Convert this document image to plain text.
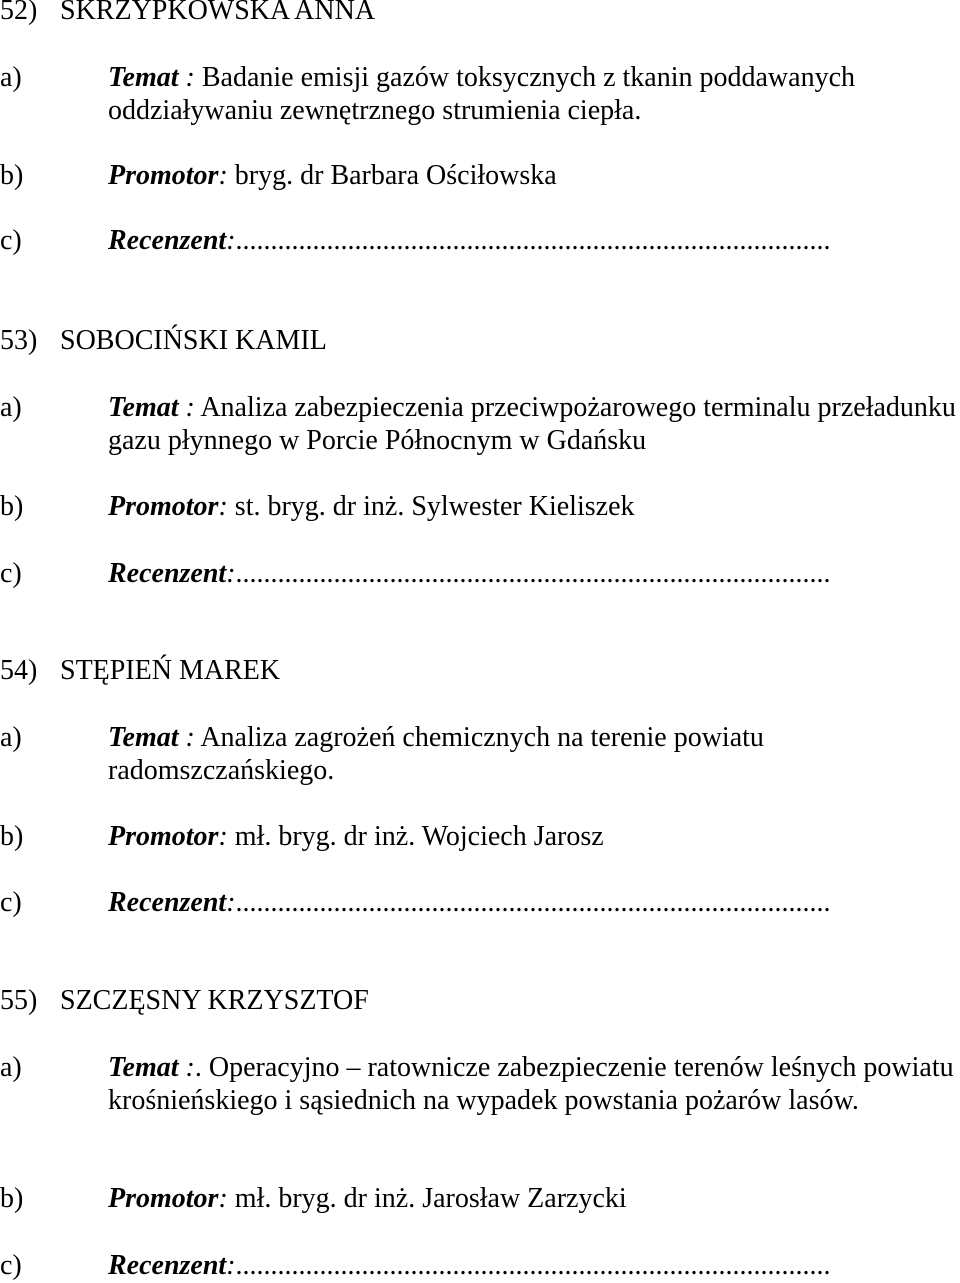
52) SKRZYPKOWSKA ANNA
a)	Temat : Badanie emisji gazów toksycznych z tkanin poddawanych oddziaływaniu zewnętrznego strumienia ciepła.
b)	Promotor: bryg. dr Barbara Ościłowska
c)	Recenzent:.....................................................................................
53) SOBOCIŃSKI KAMIL
a)	Temat : Analiza zabezpieczenia przeciwpożarowego terminalu przeładunku gazu płynnego w Porcie Północnym w Gdańsku
b)	Promotor: st. bryg. dr inż. Sylwester Kieliszek
c)	Recenzent:.....................................................................................
54) STĘPIEŃ MAREK
a)	Temat : Analiza zagrożeń chemicznych na terenie powiatu radomszczańskiego.
b)	Promotor: mł. bryg. dr inż. Wojciech Jarosz
c)	Recenzent:.....................................................................................
55) SZCZĘSNY KRZYSZTOF
a)	Temat :. Operacyjno – ratownicze zabezpieczenie terenów leśnych powiatu krośnieńskiego i sąsiednich na wypadek powstania pożarów lasów.
b)	Promotor: mł. bryg. dr inż. Jarosław Zarzycki
c)	Recenzent:.....................................................................................
